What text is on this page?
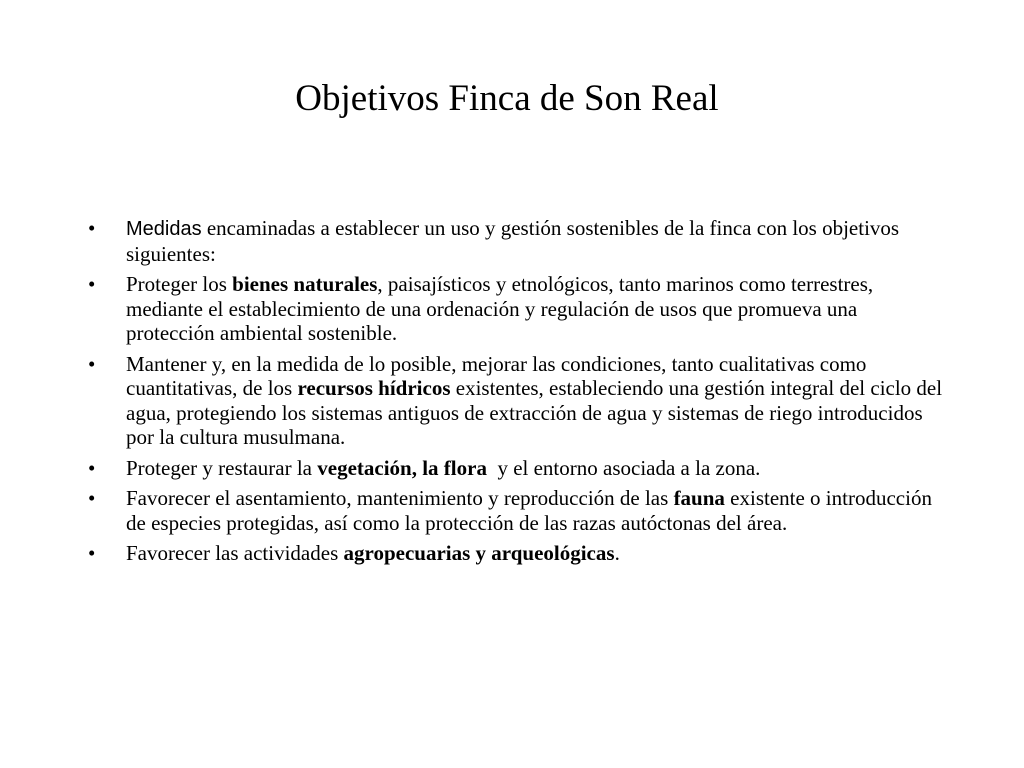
Objetivos Finca de Son Real
•	Medidas encaminadas a establecer un uso y gestión sostenibles de la finca con los objetivos siguientes:
•	Proteger los bienes naturales, paisajísticos y etnológicos, tanto marinos como terrestres, mediante el establecimiento de una ordenación y regulación de usos que promueva una protección ambiental sostenible.
•	Mantener y, en la medida de lo posible, mejorar las condiciones, tanto cualitativas como cuantitativas, de los recursos hídricos existentes, estableciendo una gestión integral del ciclo del agua, protegiendo los sistemas antiguos de extracción de agua y sistemas de riego introducidos por la cultura musulmana.
•	Proteger y restaurar la vegetación, la flora  y el entorno asociada a la zona.
•	Favorecer el asentamiento, mantenimiento y reproducción de las fauna existente o introducción de especies protegidas, así como la protección de las razas autóctonas del área.
•	Favorecer las actividades agropecuarias y arqueológicas.
